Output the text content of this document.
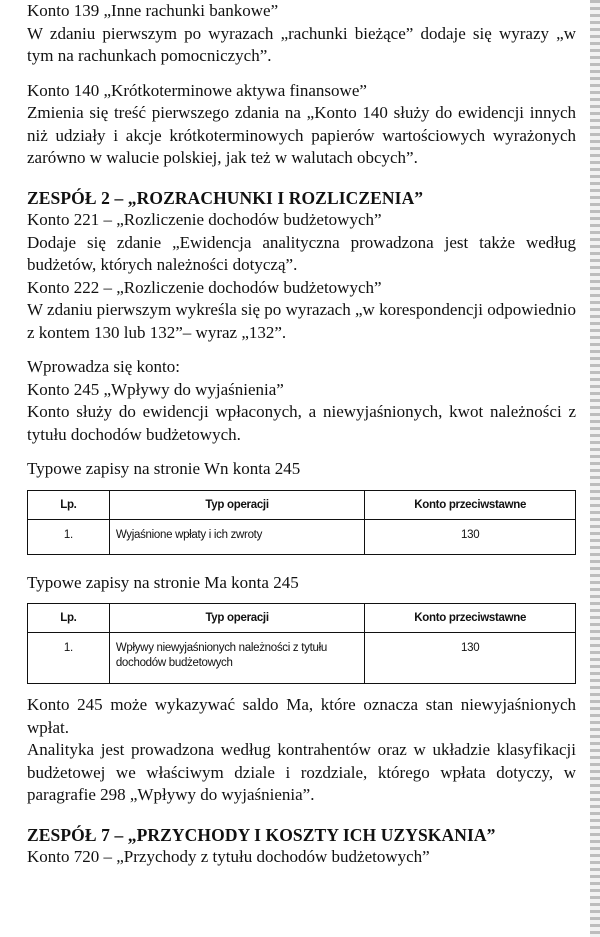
Konto 139 „Inne rachunki bankowe”

W zdaniu pierwszym po wyrazach „rachunki bieżące” dodaje się wyrazy „w tym na rachunkach pomocniczych”.

Konto 140 „Krótkoterminowe aktywa finansowe”

Zmienia się treść pierwszego zdania na „Konto 140 służy do ewidencji innych niż udziały i akcje krótkoterminowych papierów wartościowych wyrażonych zarówno w walucie polskiej, jak też w walutach obcych”.

ZESPÓŁ 2 – „ROZRACHUNKI I ROZLICZENIA”

Konto 221 – „Rozliczenie dochodów budżetowych”

Dodaje się zdanie „Ewidencja analityczna prowadzona jest także według budżetów, których należności dotyczą”.

Konto 222 – „Rozliczenie dochodów budżetowych”

W zdaniu pierwszym wykreśla się po wyrazach „w korespondencji odpowiednio z kontem 130 lub 132”– wyraz „132”.

Wprowadza się konto:

Konto 245 „Wpływy do wyjaśnienia”

Konto służy do ewidencji wpłaconych, a niewyjaśnionych, kwot należności z tytułu dochodów budżetowych.

Typowe zapisy na stronie Wn konta 245

Lp.	Typ operacji	Konto przeciwstawne
1.	Wyjaśnione wpłaty i ich zwroty	130

Typowe zapisy na stronie Ma konta 245

Lp.	Typ operacji	Konto przeciwstawne
1.	Wpływy niewyjaśnionych należności z tytułu dochodów budżetowych	130

Konto 245 może wykazywać saldo Ma, które oznacza stan niewyjaśnionych wpłat.

Analityka jest prowadzona według kontrahentów oraz w układzie klasyfikacji budżetowej we właściwym dziale i rozdziale, którego wpłata dotyczy, w paragrafie 298 „Wpływy do wyjaśnienia”.

ZESPÓŁ 7 – „PRZYCHODY I KOSZTY ICH UZYSKANIA”

Konto 720 – „Przychody z tytułu dochodów budżetowych”
